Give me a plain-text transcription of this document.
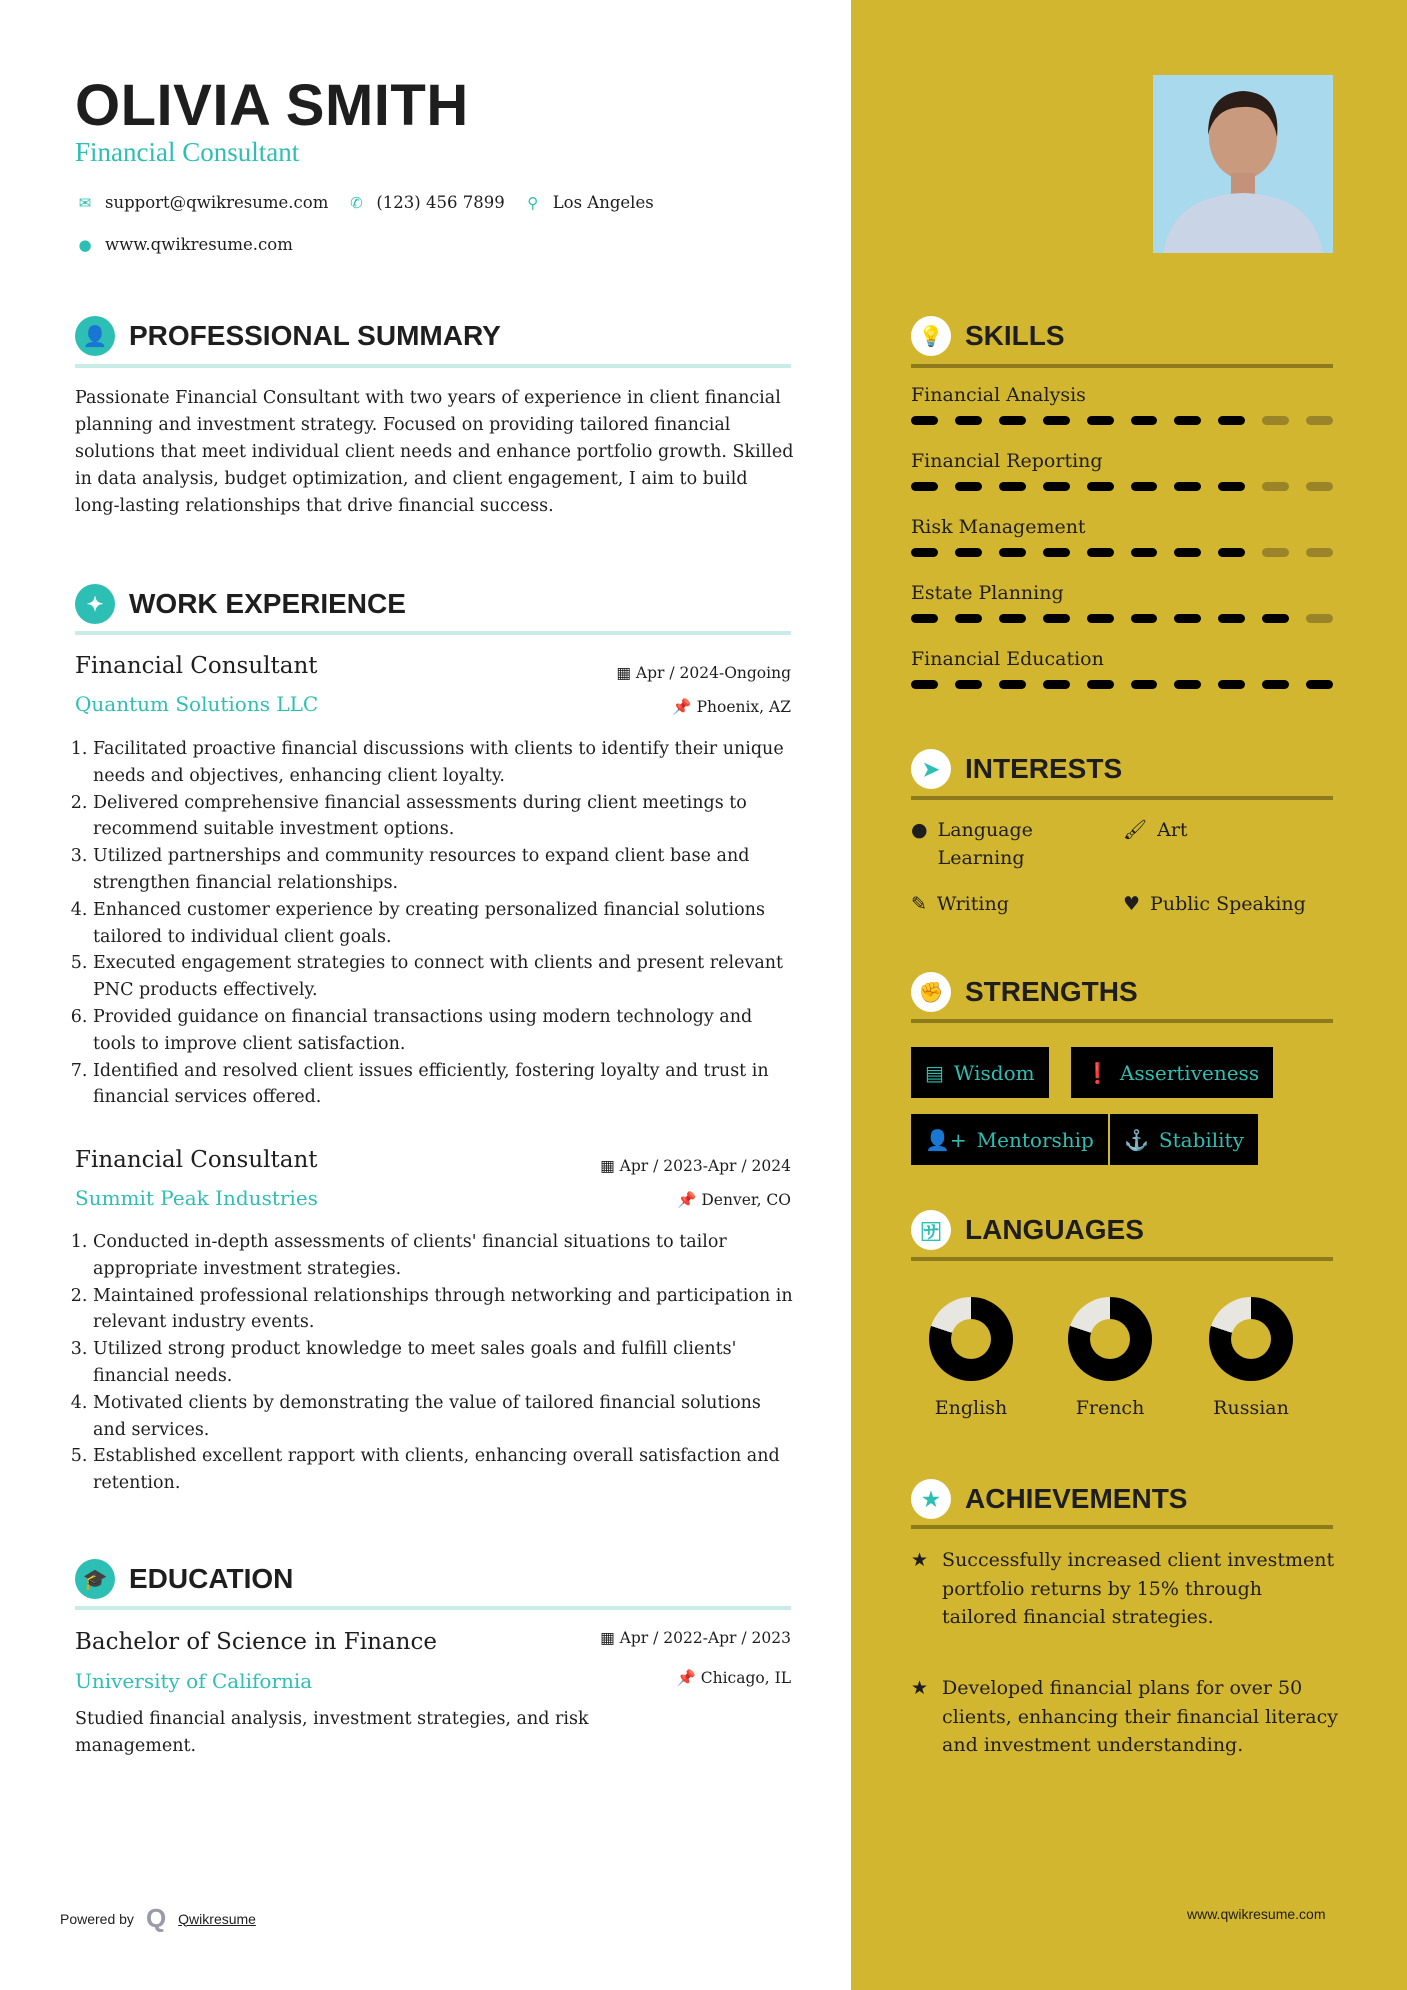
OLIVIA SMITH
Financial Consultant
✉ support@qwikresume.com ✆ (123) 456 7899	⚲ Los Angeles
● www.qwikresume.com
👤 PROFESSIONAL SUMMARY
Passionate Financial Consultant with two years of experience in client financial planning and investment strategy. Focused on providing tailored financial solutions that meet individual client needs and enhance portfolio growth. Skilled in data analysis, budget optimization, and client engagement, I aim to build long-lasting relationships that drive financial success.
✦ WORK EXPERIENCE
Financial Consultant	▦ Apr / 2024-Ongoing
Quantum Solutions LLC	📌 Phoenix, AZ
1. Facilitated proactive financial discussions with clients to identify their unique needs and objectives, enhancing client loyalty.
2. Delivered comprehensive financial assessments during client meetings to recommend suitable investment options.
3. Utilized partnerships and community resources to expand client base and strengthen financial relationships.
4. Enhanced customer experience by creating personalized financial solutions tailored to individual client goals.
5. Executed engagement strategies to connect with clients and present relevant PNC products effectively.
6. Provided guidance on financial transactions using modern technology and tools to improve client satisfaction.
7. Identified and resolved client issues efficiently, fostering loyalty and trust in financial services offered.
Financial Consultant	▦ Apr / 2023-Apr / 2024
Summit Peak Industries	📌 Denver, CO
1. Conducted in-depth assessments of clients' financial situations to tailor appropriate investment strategies.
2. Maintained professional relationships through networking and participation in relevant industry events.
3. Utilized strong product knowledge to meet sales goals and fulfill clients' financial needs.
4. Motivated clients by demonstrating the value of tailored financial solutions and services.
5. Established excellent rapport with clients, enhancing overall satisfaction and retention.
🎓 EDUCATION
Bachelor of Science in Finance	▦ Apr / 2022-Apr / 2023
University of California	📌 Chicago, IL
Studied financial analysis, investment strategies, and risk management.
💡 SKILLS
Financial Analysis
Financial Reporting
Risk Management
Estate Planning
Financial Education
➤ INTERESTS
● Language Learning
🖌 Art
✎ Writing	♥ Public Speaking
✊ STRENGTHS
▤ Wisdom	❗ Assertiveness
👤+ Mentorship ⚓ Stability
🈂 LANGUAGES
English	French	Russian
★ ACHIEVEMENTS
★ Successfully increased client investment portfolio returns by 15% through tailored financial strategies.
★ Developed financial plans for over 50 clients, enhancing their financial literacy and investment understanding.
Powered by Q Qwikresume	www.qwikresume.com
